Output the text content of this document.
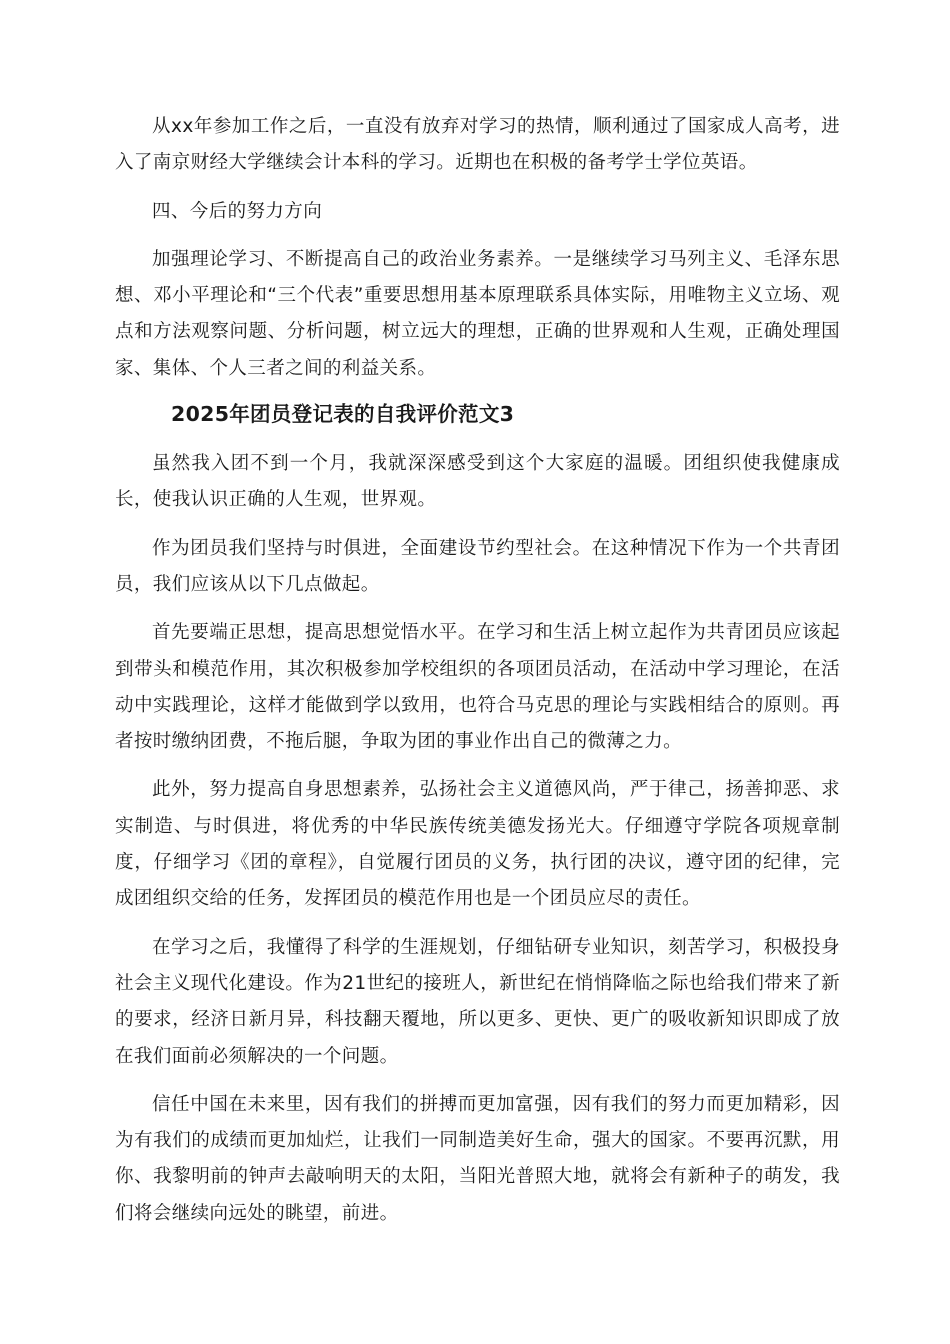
从xx年参加工作之后，一直没有放弃对学习的热情，顺利通过了国家成人高考，进入了南京财经大学继续会计本科的学习。近期也在积极的备考学士学位英语。

四、今后的努力方向

加强理论学习、不断提高自己的政治业务素养。一是继续学习马列主义、毛泽东思想、邓小平理论和“三个代表”重要思想用基本原理联系具体实际，用唯物主义立场、观点和方法观察问题、分析问题，树立远大的理想，正确的世界观和人生观，正确处理国家、集体、个人三者之间的利益关系。

2025年团员登记表的自我评价范文3

虽然我入团不到一个月，我就深深感受到这个大家庭的温暖。团组织使我健康成长，使我认识正确的人生观，世界观。

作为团员我们坚持与时俱进，全面建设节约型社会。在这种情况下作为一个共青团员，我们应该从以下几点做起。

首先要端正思想，提高思想觉悟水平。在学习和生活上树立起作为共青团员应该起到带头和模范作用，其次积极参加学校组织的各项团员活动，在活动中学习理论，在活动中实践理论，这样才能做到学以致用，也符合马克思的理论与实践相结合的原则。再者按时缴纳团费，不拖后腿，争取为团的事业作出自己的微薄之力。

此外，努力提高自身思想素养，弘扬社会主义道德风尚，严于律己，扬善抑恶、求实制造、与时俱进，将优秀的中华民族传统美德发扬光大。仔细遵守学院各项规章制度，仔细学习《团的章程》，自觉履行团员的义务，执行团的决议，遵守团的纪律，完成团组织交给的任务，发挥团员的模范作用也是一个团员应尽的责任。

在学习之后，我懂得了科学的生涯规划，仔细钻研专业知识，刻苦学习，积极投身社会主义现代化建设。作为21世纪的接班人，新世纪在悄悄降临之际也给我们带来了新的要求，经济日新月异，科技翻天覆地，所以更多、更快、更广的吸收新知识即成了放在我们面前必须解决的一个问题。

信任中国在未来里，因有我们的拼搏而更加富强，因有我们的努力而更加精彩，因为有我们的成绩而更加灿烂，让我们一同制造美好生命，强大的国家。不要再沉默，用你、我黎明前的钟声去敲响明天的太阳，当阳光普照大地，就将会有新种子的萌发，我们将会继续向远处的眺望，前进。
